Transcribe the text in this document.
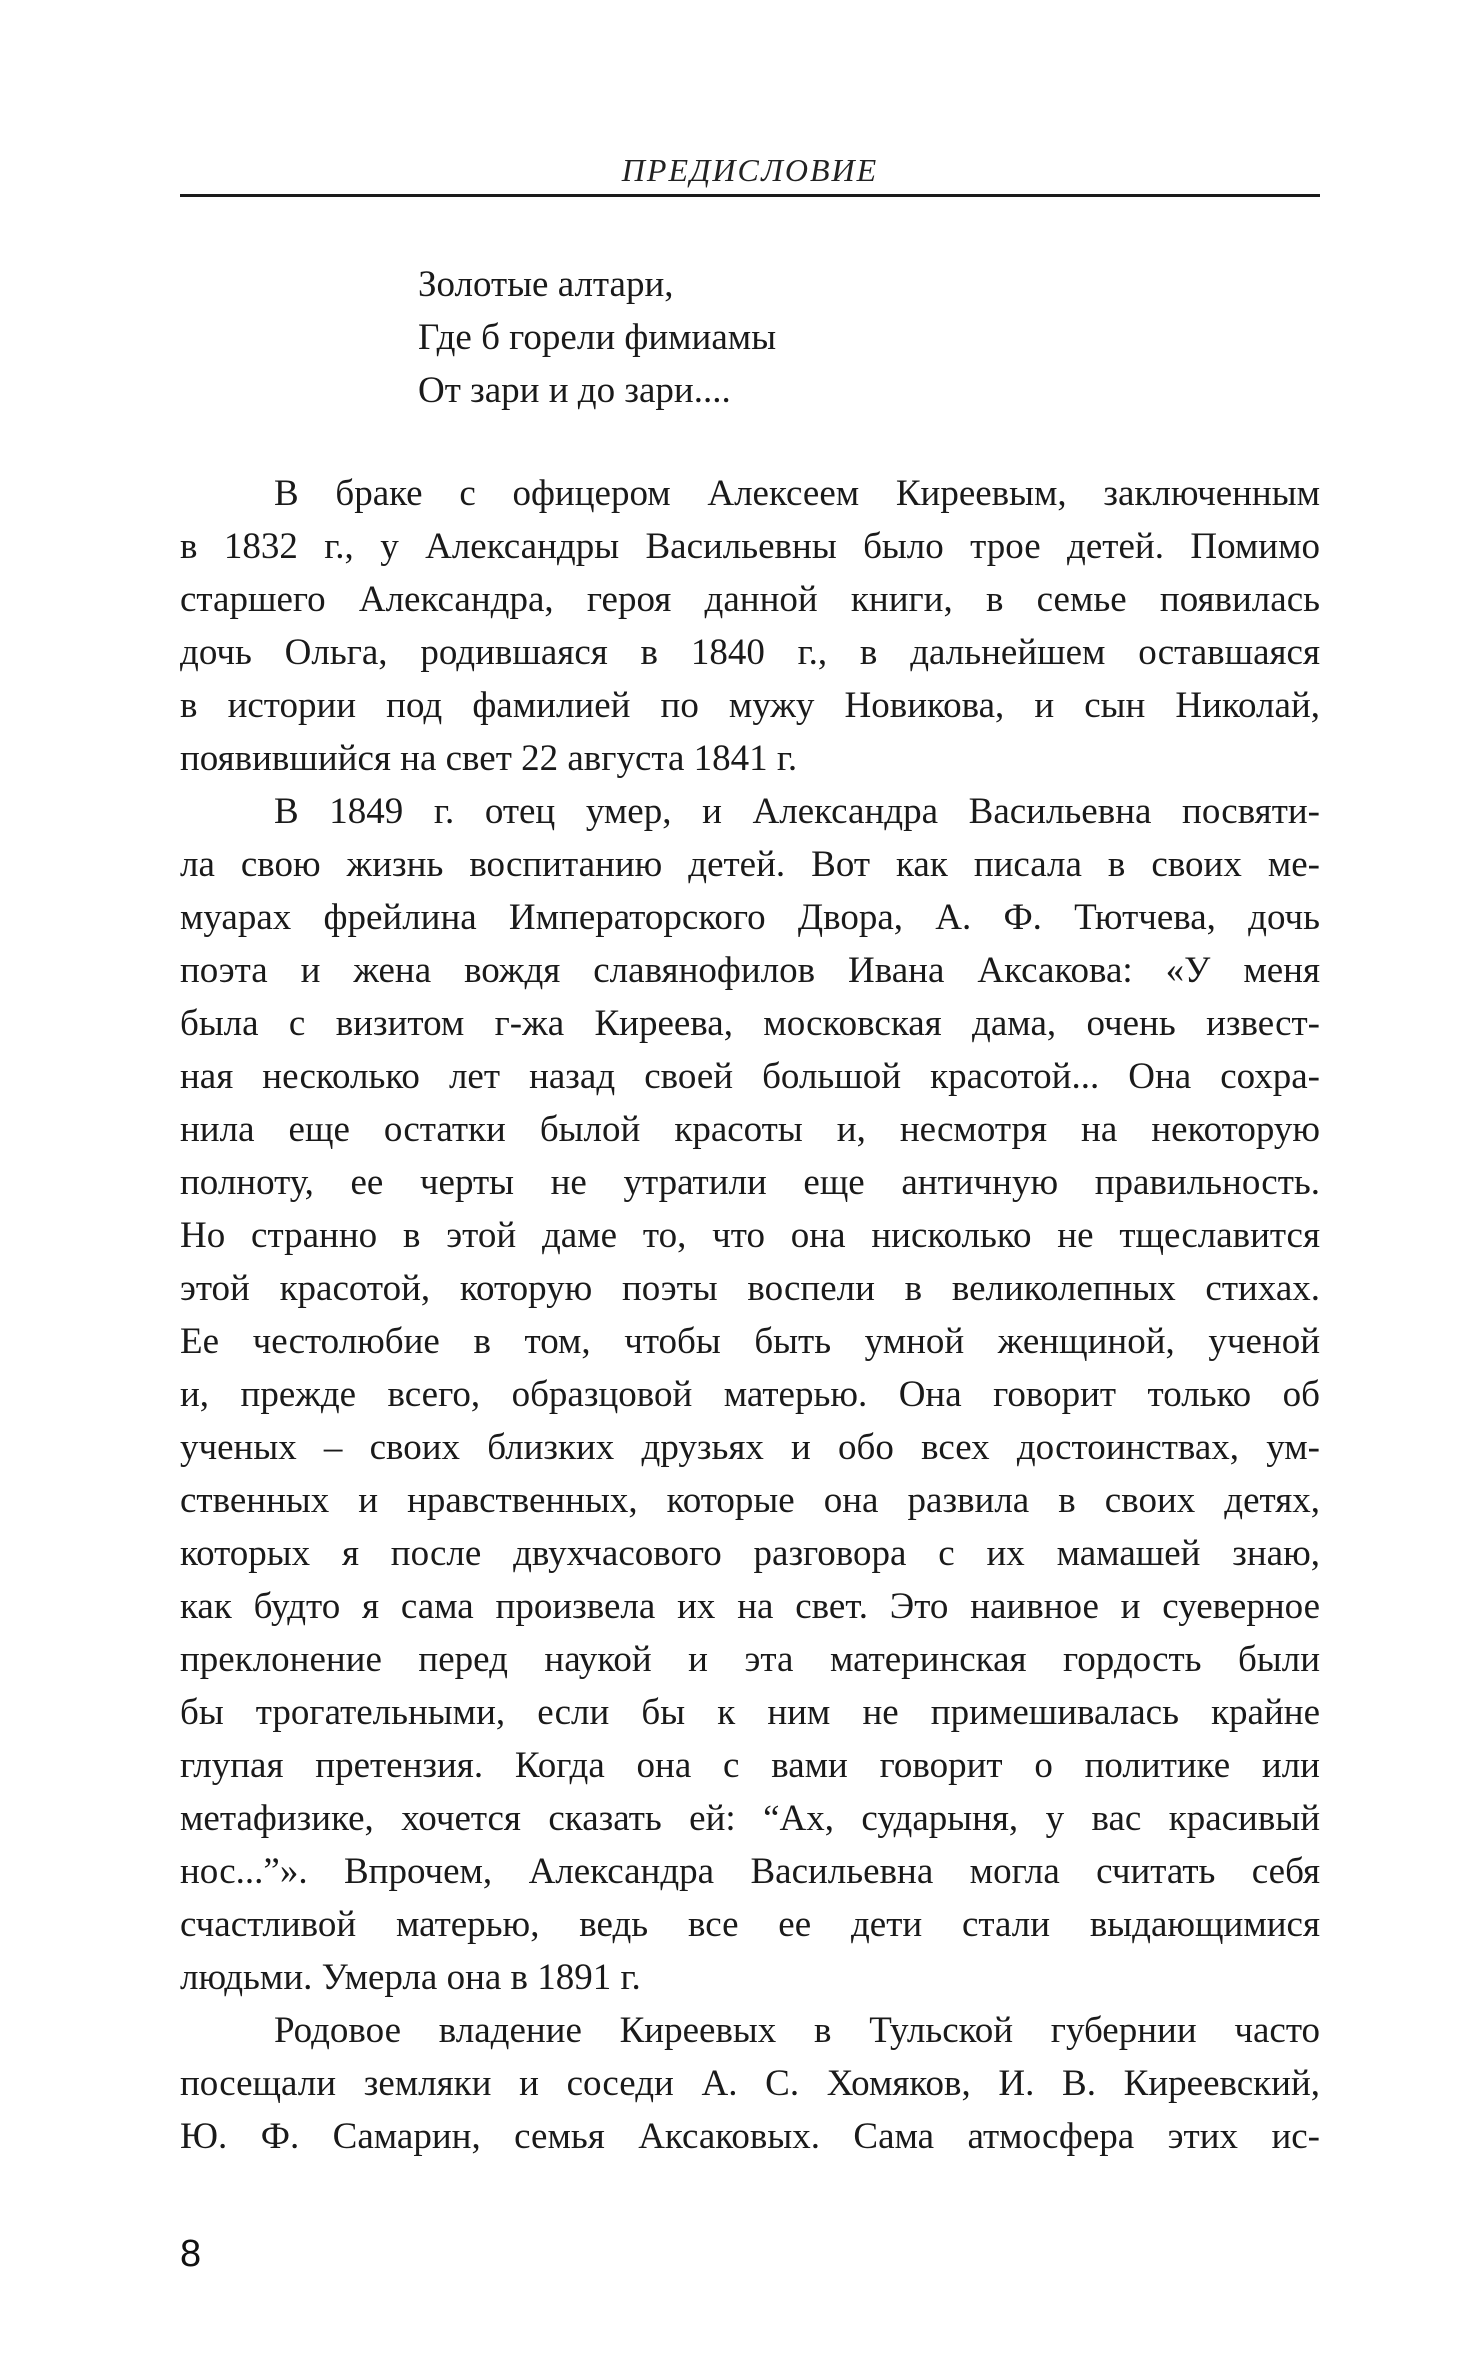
ПРЕДИСЛОВИЕ
Золотые алтари,
Где б горели фимиамы
От зари и до зари....
В браке с офицером Алексеем Киреевым, заключенным
в 1832 г., у Александры Васильевны было трое детей. Помимо
старшего Александра, героя данной книги, в семье появилась
дочь Ольга, родившаяся в 1840 г., в дальнейшем оставшаяся
в истории под фамилией по мужу Новикова, и сын Николай,
появившийся на свет 22 августа 1841 г.
В 1849 г. отец умер, и Александра Васильевна посвяти-
ла свою жизнь воспитанию детей. Вот как писала в своих ме-
муарах фрейлина Императорского Двора, А. Ф. Тютчева, дочь
поэта и жена вождя славянофилов Ивана Аксакова: «У меня
была с визитом г-жа Киреева, московская дама, очень извест-
ная несколько лет назад своей большой красотой... Она сохра-
нила еще остатки былой красоты и, несмотря на некоторую
полноту, ее черты не утратили еще античную правильность.
Но странно в этой даме то, что она нисколько не тщеславится
этой красотой, которую поэты воспели в великолепных стихах.
Ее честолюбие в том, чтобы быть умной женщиной, ученой
и, прежде всего, образцовой матерью. Она говорит только об
ученых – своих близких друзьях и обо всех достоинствах, ум-
ственных и нравственных, которые она развила в своих детях,
которых я после двухчасового разговора с их мамашей знаю,
как будто я сама произвела их на свет. Это наивное и суеверное
преклонение перед наукой и эта материнская гордость были
бы трогательными, если бы к ним не примешивалась крайне
глупая претензия. Когда она с вами говорит о политике или
метафизике, хочется сказать ей: “Ах, сударыня, у вас красивый
нос...”». Впрочем, Александра Васильевна могла считать себя
счастливой матерью, ведь все ее дети стали выдающимися
людьми. Умерла она в 1891 г.
Родовое владение Киреевых в Тульской губернии часто
посещали земляки и соседи А. С. Хомяков, И. В. Киреевский,
Ю. Ф. Самарин, семья Аксаковых. Сама атмосфера этих ис-
8
